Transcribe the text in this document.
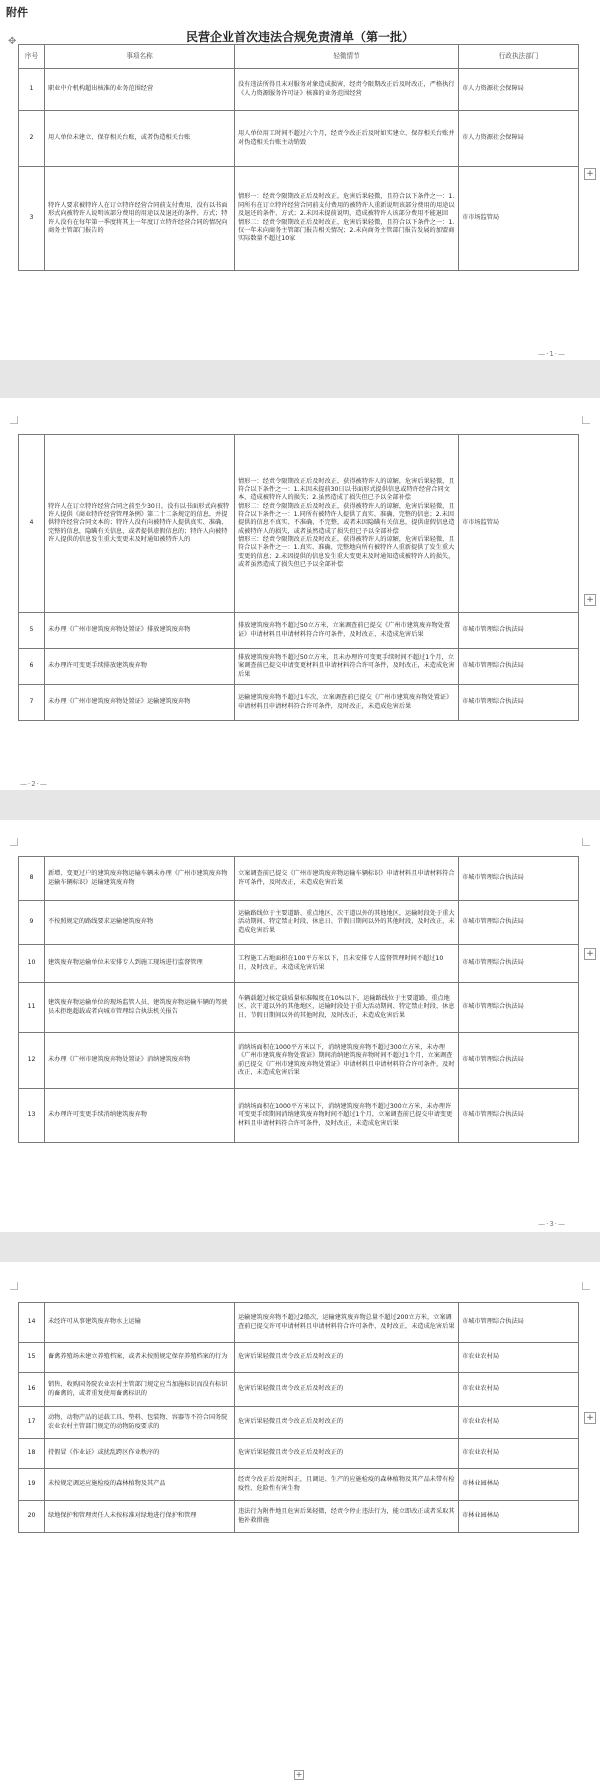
附件
✥	民营企业首次违法合规免责清单（第一批）
序号	事项名称	轻微情节	行政执法部门
1	职业中介机构超出核准的业务范围经营	没有违法所得且未对服务对象造成损害，经责令限期改正后及时改正，严格执行《人力资源服务许可证》核准的业务范围经营	市人力资源社会保障局
2	用人单位未建立、保存相关台账，或者伪造相关台账	用人单位用工时间不超过六个月，经责令改正后及时如实建立、保存相关台账并对伪造相关台账主动销毁	市人力资源社会保障局
3	特许人要求被特许人在订立特许经营合同前支付费用，没有以书面形式向被特许人说明该部分费用的用途以及退还的条件、方式；特许人没有在每年第一季度将其上一年度订立特许经营合同的情况向商务主管部门报告的	情形一：经责令限期改正后及时改正，危害后果轻微，且符合以下条件之一：1.同所有在订立特许经营合同前支付费用的被特许人重新说明该部分费用的用途以及退还的条件、方式；2.未因未提前说明，造成被特许人该部分费用不能退回
情形二：经责令限期改正后及时改正，危害后果轻微，且符合以下条件之一：1.仅一年未向商务主管部门报告相关情况；2.未向商务主管部门报告发展的加盟商实际数量不超过10家	市市场监管局
+
—·1·—
4	特许人在订立特许经营合同之前至少30日，没有以书面形式向被特许人提供《商业特许经营管理条例》第二十二条规定的信息，并提供特许经营合同文本的；特许人没有向被特许人提供真实、准确、完整的信息，隐瞒有关信息，或者提供虚假信息的；特许人向被特许人提供的信息发生重大变更未及时通知被特许人的	情形一：经责令限期改正后及时改正，获得被特许人的谅解，危害后果轻微，且符合以下条件之一：1.未因未提前30日以书面形式提供信息或特许经营合同文本，造成被特许人的损失；2.虽然造成了损失但已予以全部补偿
情形二：经责令限期改正后及时改正，获得被特许人的谅解，危害后果轻微，且符合以下条件之一：1.同所有被特许人提供了真实、准确、完整的信息；2.未因提供的信息不真实、不准确、不完整，或者未因隐瞒有关信息，提供虚假信息造成被特许人的损失，或者虽然造成了损失但已予以全部补偿
情形三：经责令限期改正后及时改正，获得被特许人的谅解，危害后果轻微，且符合以下条件之一：1.真实、准确、完整地向所有被特许人重新提供了发生重大变更的信息；2.未因提供的信息发生重大变更未及时通知造成被特许人的损失，或者虽然造成了损失但已予以全部补偿	市市场监管局
5	未办理《广州市建筑废弃物处置证》排放建筑废弃物	排放建筑废弃物不超过50立方米，立案调查前已提交《广州市建筑废弃物处置证》申请材料且申请材料符合许可条件，及时改正，未造成危害后果	市城市管理综合执法局
6	未办理许可变更手续排放建筑废弃物	排放建筑废弃物不超过50立方米，且未办理许可变更手续时间不超过1个月，立案调查前已提交申请变更材料且申请材料符合许可条件，及时改正，未造成危害后果	市城市管理综合执法局
7	未办理《广州市建筑废弃物处置证》运输建筑废弃物	运输建筑废弃物不超过1车次，立案调查前已提交《广州市建筑废弃物处置证》申请材料且申请材料符合许可条件，及时改正，未造成危害后果	市城市管理综合执法局
+
—·2·—
8	新增、变更过户的建筑废弃物运输车辆未办理《广州市建筑废弃物运输车辆标识》运输建筑废弃物	立案调查前已提交《广州市建筑废弃物运输车辆标识》申请材料且申请材料符合许可条件，及时改正，未造成危害后果	市城市管理综合执法局
9	不按照规定的路线要求运输建筑废弃物	运输路线位于主要道路、重点地区、次干道以外的其他地区，运输时段处于重大活动期间、特定禁止时段、休息日、节假日期间以外的其他时段，及时改正，未造成危害后果	市城市管理综合执法局
10	建筑废弃物运输单位未安排专人到施工现场进行监督管理	工程施工占地面积在100平方米以下，且未安排专人监督管理时间不超过10日，及时改正，未造成危害后果	市城市管理综合执法局
11	建筑废弃物运输单位的现场监管人员、建筑废弃物运输车辆的驾驶员未拒绝超载或者向城市管理综合执法机关报告	车辆载超过核定载质量标准幅度在10%以下，运输路线位于主要道路、重点地区、次干道以外的其他地区，运输时段处于重大活动期间、特定禁止时段、休息日、节假日期间以外的其他时段，及时改正，未造成危害后果	市城市管理综合执法局
12	未办理《广州市建筑废弃物处置证》消纳建筑废弃物	消纳场面积在1000平方米以下，消纳建筑废弃物不超过300立方米，未办理《广州市建筑废弃物处置证》期间消纳建筑废弃物时间不超过1个月，立案调查前已提交《广州市建筑废弃物处置证》申请材料且申请材料符合许可条件，及时改正，未造成危害后果	市城市管理综合执法局
13	未办理许可变更手续消纳建筑废弃物	消纳场面积在1000平方米以下，消纳建筑废弃物不超过300立方米，未办理许可变更手续期间消纳建筑废弃物时间不超过1个月，立案调查前已提交申请变更材料且申请材料符合许可条件，及时改正，未造成危害后果	市城市管理综合执法局
+
—·3·—
14	未经许可从事建筑废弃物水上运输	运输建筑废弃物不超过2船次，运输建筑废弃物总量不超过200立方米，立案调查前已提交许可申请材料且申请材料符合许可条件，及时改正，未造成危害后果	市城市管理综合执法局
15	畜禽养殖场未建立养殖档案，或者未按照规定保存养殖档案的行为	危害后果轻微且责令改正后及时改正的	市农业农村局
16	销售、收购国务院农业农村主管部门规定应当加施标识而没有标识的畜禽的，或者重复使用畜禽标识的	危害后果轻微且责令改正后及时改正的	市农业农村局
17	动物、动物产品的运载工具、垫料、包装物、容器等不符合国务院农业农村主管部门规定的动物防疫要求的	危害后果轻微且责令改正后及时改正的	市农业农村局
18	持假冒《作业证》或扰乱跨区作业秩序的	危害后果轻微且责令改正后及时改正的	市农业农村局
19	未按规定调运应施检疫的森林植物及其产品	经责令改正后及时纠正，且调运、生产的应施检疫的森林植物及其产品未带有检疫性、危险性有害生物	市林业园林局
20	绿地保护和管理责任人未按标准对绿地进行保护和管理	违法行为附件地且危害后果轻微，经责令停止违法行为，能立即改正或者采取其他补救措施	市林业园林局
+
+
